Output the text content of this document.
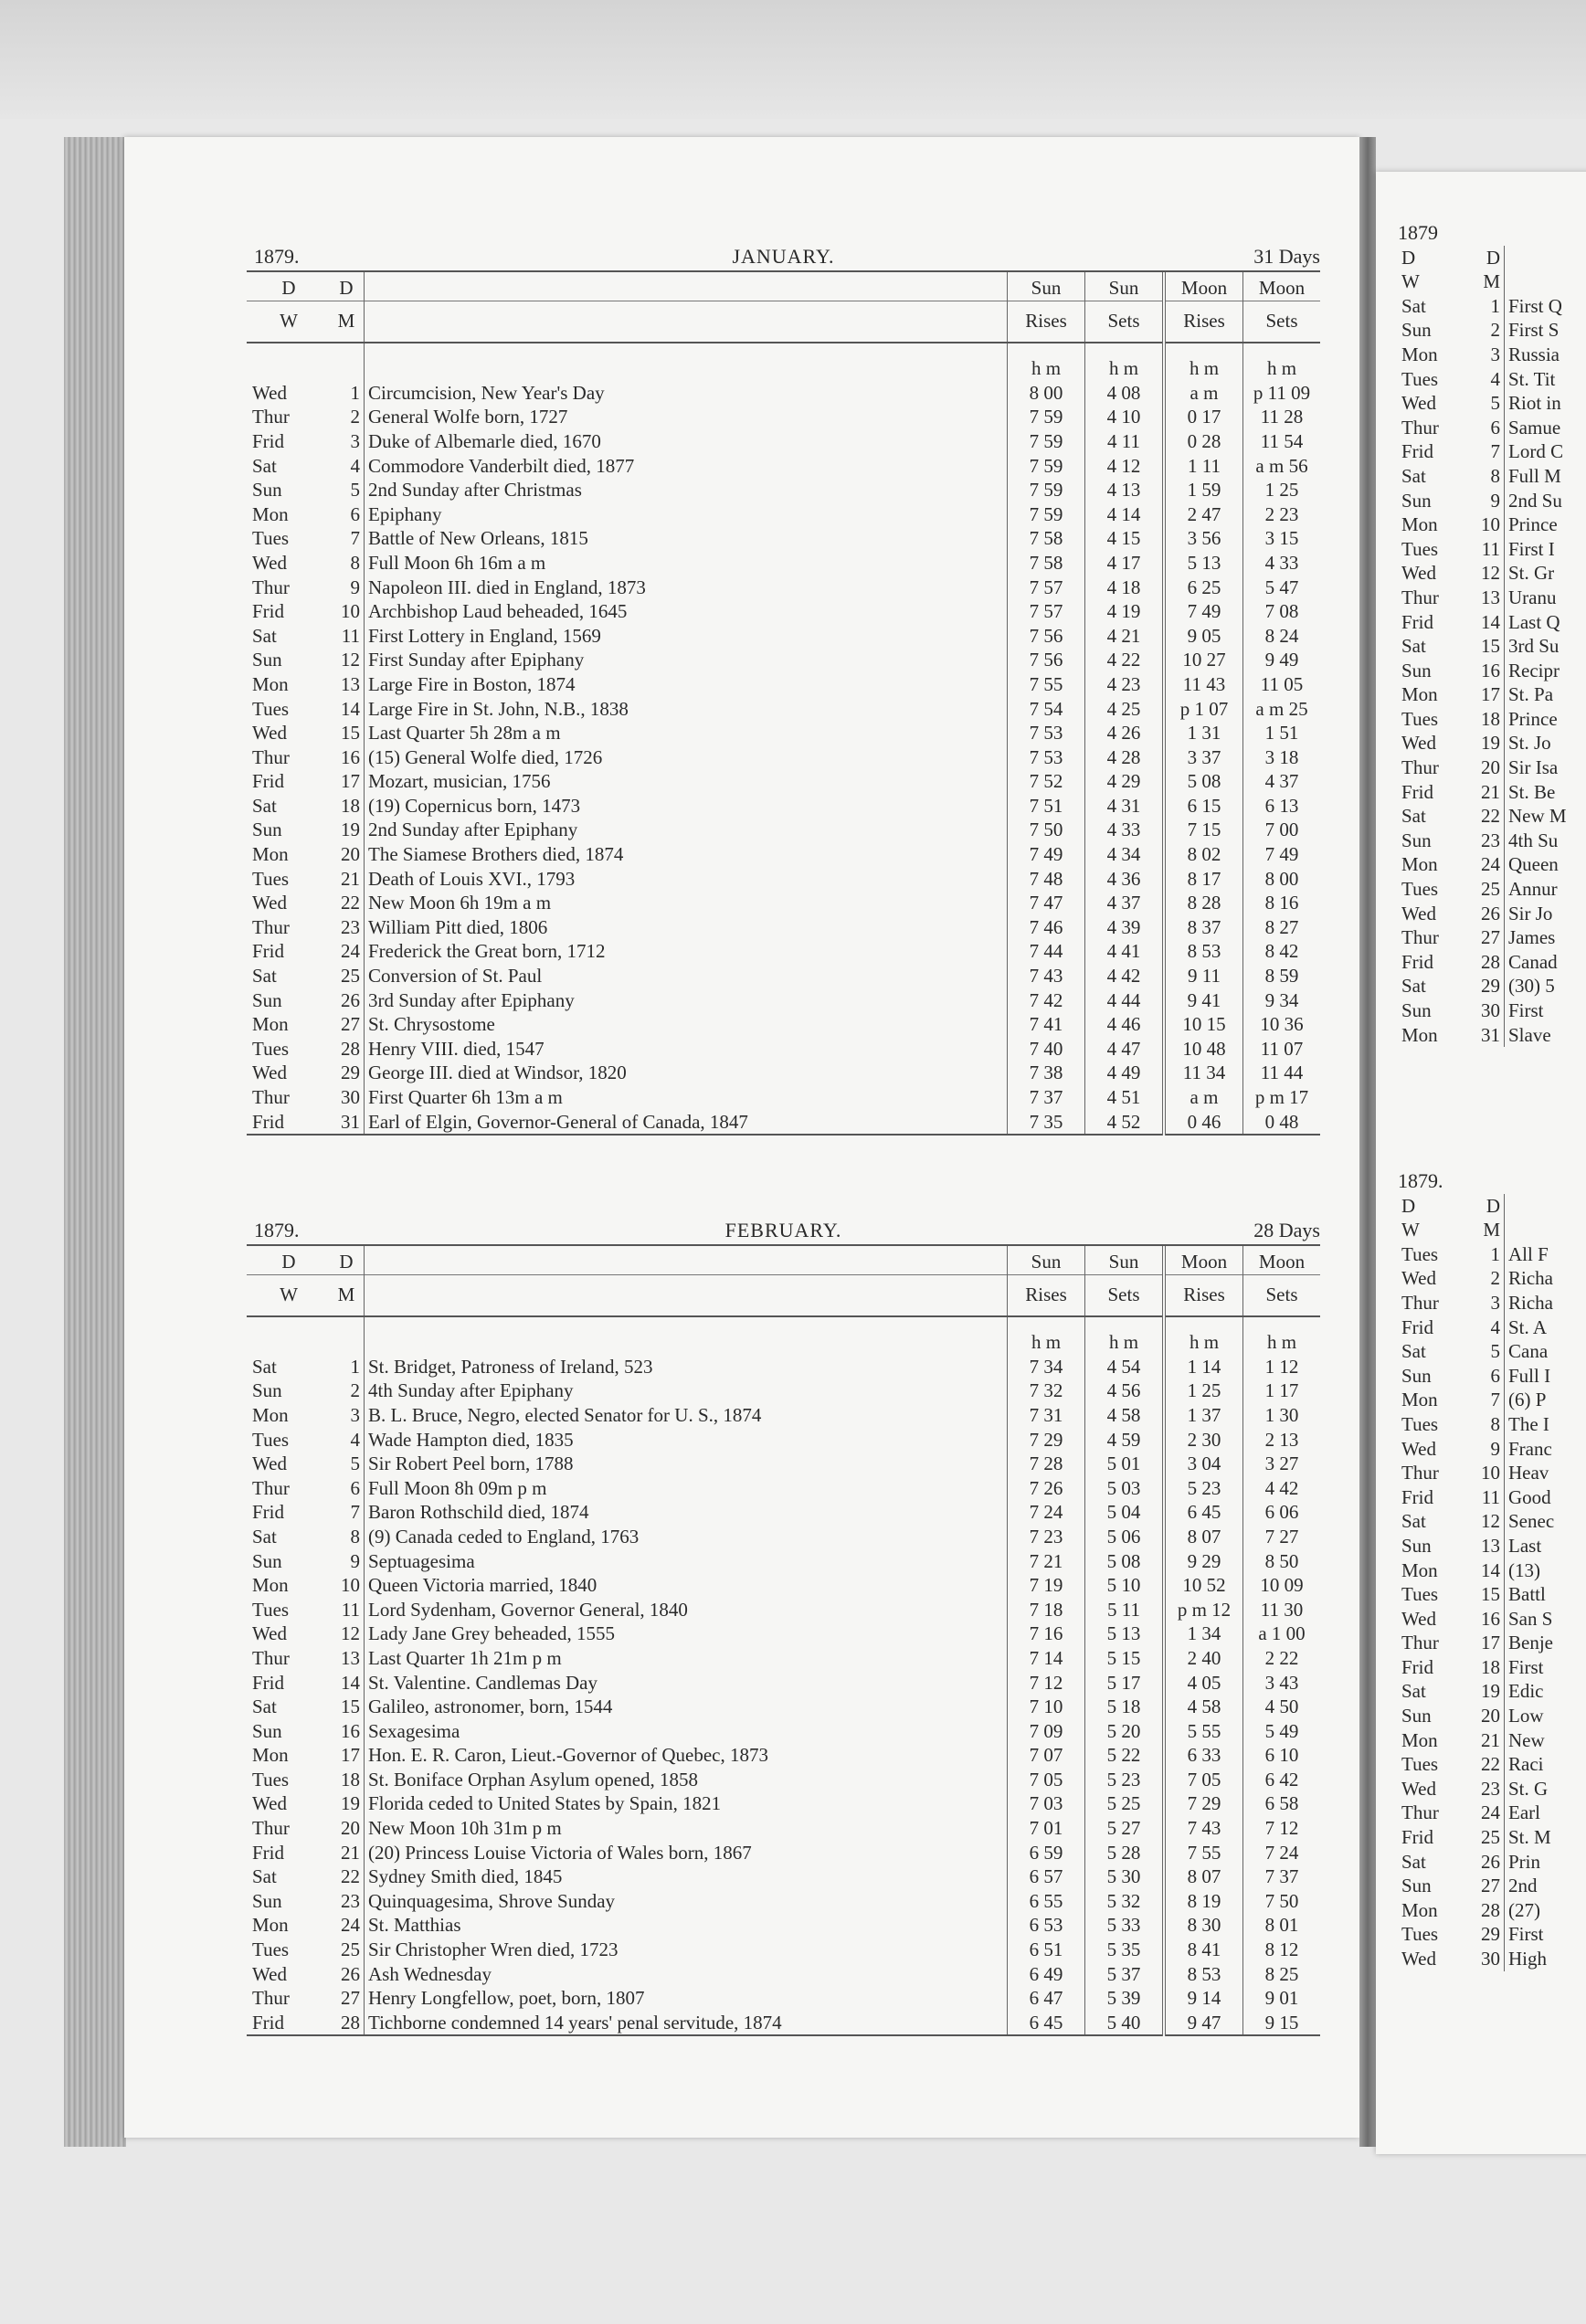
1879.	JANUARY.	31 Days
D	D		Sun	Sun	Moon	Moon
W	M		Rises	Sets	Rises	Sets

			h m	h m	h m	h m
Wed	1	Circumcision, New Year's Day	8 00	4 08	a m	p 11 09
Thur	2	General Wolfe born, 1727	7 59	4 10	0 17	11 28
Frid	3	Duke of Albemarle died, 1670	7 59	4 11	0 28	11 54
Sat	4	Commodore Vanderbilt died, 1877	7 59	4 12	1 11	a m 56
Sun	5	2nd Sunday after Christmas	7 59	4 13	1 59	1 25
Mon	6	Epiphany	7 59	4 14	2 47	2 23
Tues	7	Battle of New Orleans, 1815	7 58	4 15	3 56	3 15
Wed	8	Full Moon 6h 16m a m	7 58	4 17	5 13	4 33
Thur	9	Napoleon III. died in England, 1873	7 57	4 18	6 25	5 47
Frid	10	Archbishop Laud beheaded, 1645	7 57	4 19	7 49	7 08
Sat	11	First Lottery in England, 1569	7 56	4 21	9 05	8 24
Sun	12	First Sunday after Epiphany	7 56	4 22	10 27	9 49
Mon	13	Large Fire in Boston, 1874	7 55	4 23	11 43	11 05
Tues	14	Large Fire in St. John, N.B., 1838	7 54	4 25	p 1 07	a m 25
Wed	15	Last Quarter 5h 28m a m	7 53	4 26	1 31	1 51
Thur	16	(15) General Wolfe died, 1726	7 53	4 28	3 37	3 18
Frid	17	Mozart, musician, 1756	7 52	4 29	5 08	4 37
Sat	18	(19) Copernicus born, 1473	7 51	4 31	6 15	6 13
Sun	19	2nd Sunday after Epiphany	7 50	4 33	7 15	7 00
Mon	20	The Siamese Brothers died, 1874	7 49	4 34	8 02	7 49
Tues	21	Death of Louis XVI., 1793	7 48	4 36	8 17	8 00
Wed	22	New Moon 6h 19m a m	7 47	4 37	8 28	8 16
Thur	23	William Pitt died, 1806	7 46	4 39	8 37	8 27
Frid	24	Frederick the Great born, 1712	7 44	4 41	8 53	8 42
Sat	25	Conversion of St. Paul	7 43	4 42	9 11	8 59
Sun	26	3rd Sunday after Epiphany	7 42	4 44	9 41	9 34
Mon	27	St. Chrysostome	7 41	4 46	10 15	10 36
Tues	28	Henry VIII. died, 1547	7 40	4 47	10 48	11 07
Wed	29	George III. died at Windsor, 1820	7 38	4 49	11 34	11 44
Thur	30	First Quarter 6h 13m a m	7 37	4 51	a m	p m 17
Frid	31	Earl of Elgin, Governor-General of Canada, 1847	7 35	4 52	0 46	0 48

1879.	FEBRUARY.	28 Days
D	D		Sun	Sun	Moon	Moon
W	M		Rises	Sets	Rises	Sets

			h m	h m	h m	h m
Sat	1	St. Bridget, Patroness of Ireland, 523	7 34	4 54	1 14	1 12
Sun	2	4th Sunday after Epiphany	7 32	4 56	1 25	1 17
Mon	3	B. L. Bruce, Negro, elected Senator for U. S., 1874	7 31	4 58	1 37	1 30
Tues	4	Wade Hampton died, 1835	7 29	4 59	2 30	2 13
Wed	5	Sir Robert Peel born, 1788	7 28	5 01	3 04	3 27
Thur	6	Full Moon 8h 09m p m	7 26	5 03	5 23	4 42
Frid	7	Baron Rothschild died, 1874	7 24	5 04	6 45	6 06
Sat	8	(9) Canada ceded to England, 1763	7 23	5 06	8 07	7 27
Sun	9	Septuagesima	7 21	5 08	9 29	8 50
Mon	10	Queen Victoria married, 1840	7 19	5 10	10 52	10 09
Tues	11	Lord Sydenham, Governor General, 1840	7 18	5 11	p m 12	11 30
Wed	12	Lady Jane Grey beheaded, 1555	7 16	5 13	1 34	a 1 00
Thur	13	Last Quarter 1h 21m p m	7 14	5 15	2 40	2 22
Frid	14	St. Valentine. Candlemas Day	7 12	5 17	4 05	3 43
Sat	15	Galileo, astronomer, born, 1544	7 10	5 18	4 58	4 50
Sun	16	Sexagesima	7 09	5 20	5 55	5 49
Mon	17	Hon. E. R. Caron, Lieut.-Governor of Quebec, 1873	7 07	5 22	6 33	6 10
Tues	18	St. Boniface Orphan Asylum opened, 1858	7 05	5 23	7 05	6 42
Wed	19	Florida ceded to United States by Spain, 1821	7 03	5 25	7 29	6 58
Thur	20	New Moon 10h 31m p m	7 01	5 27	7 43	7 12
Frid	21	(20) Princess Louise Victoria of Wales born, 1867	6 59	5 28	7 55	7 24
Sat	22	Sydney Smith died, 1845	6 57	5 30	8 07	7 37
Sun	23	Quinquagesima, Shrove Sunday	6 55	5 32	8 19	7 50
Mon	24	St. Matthias	6 53	5 33	8 30	8 01
Tues	25	Sir Christopher Wren died, 1723	6 51	5 35	8 41	8 12
Wed	26	Ash Wednesday	6 49	5 37	8 53	8 25
Thur	27	Henry Longfellow, poet, born, 1807	6 47	5 39	9 14	9 01
Frid	28	Tichborne condemned 14 years' penal servitude, 1874	6 45	5 40	9 47	9 15

1879
D	D	
W	M	

Sat	1	First Q
Sun	2	First S
Mon	3	Russia
Tues	4	St. Tit
Wed	5	Riot in
Thur	6	Samue
Frid	7	Lord C
Sat	8	Full M
Sun	9	2nd Su
Mon	10	Prince
Tues	11	First I
Wed	12	St. Gr
Thur	13	Uranu
Frid	14	Last Q
Sat	15	3rd Su
Sun	16	Recipr
Mon	17	St. Pa
Tues	18	Prince
Wed	19	St. Jo
Thur	20	Sir Isa
Frid	21	St. Be
Sat	22	New M
Sun	23	4th Su
Mon	24	Queen
Tues	25	Annur
Wed	26	Sir Jo
Thur	27	James
Frid	28	Canad
Sat	29	(30) 5
Sun	30	First
Mon	31	Slave
1879.
D	D	
W	M	

Tues	1	All F
Wed	2	Richa
Thur	3	Richa
Frid	4	St. A
Sat	5	Cana
Sun	6	Full I
Mon	7	(6) P
Tues	8	The I
Wed	9	Franc
Thur	10	Heav
Frid	11	Good
Sat	12	Senec
Sun	13	Last
Mon	14	(13)
Tues	15	Battl
Wed	16	San S
Thur	17	Benje
Frid	18	First
Sat	19	Edic
Sun	20	Low
Mon	21	New
Tues	22	Raci
Wed	23	St. G
Thur	24	Earl
Frid	25	St. M
Sat	26	Prin
Sun	27	2nd
Mon	28	(27)
Tues	29	First
Wed	30	High
